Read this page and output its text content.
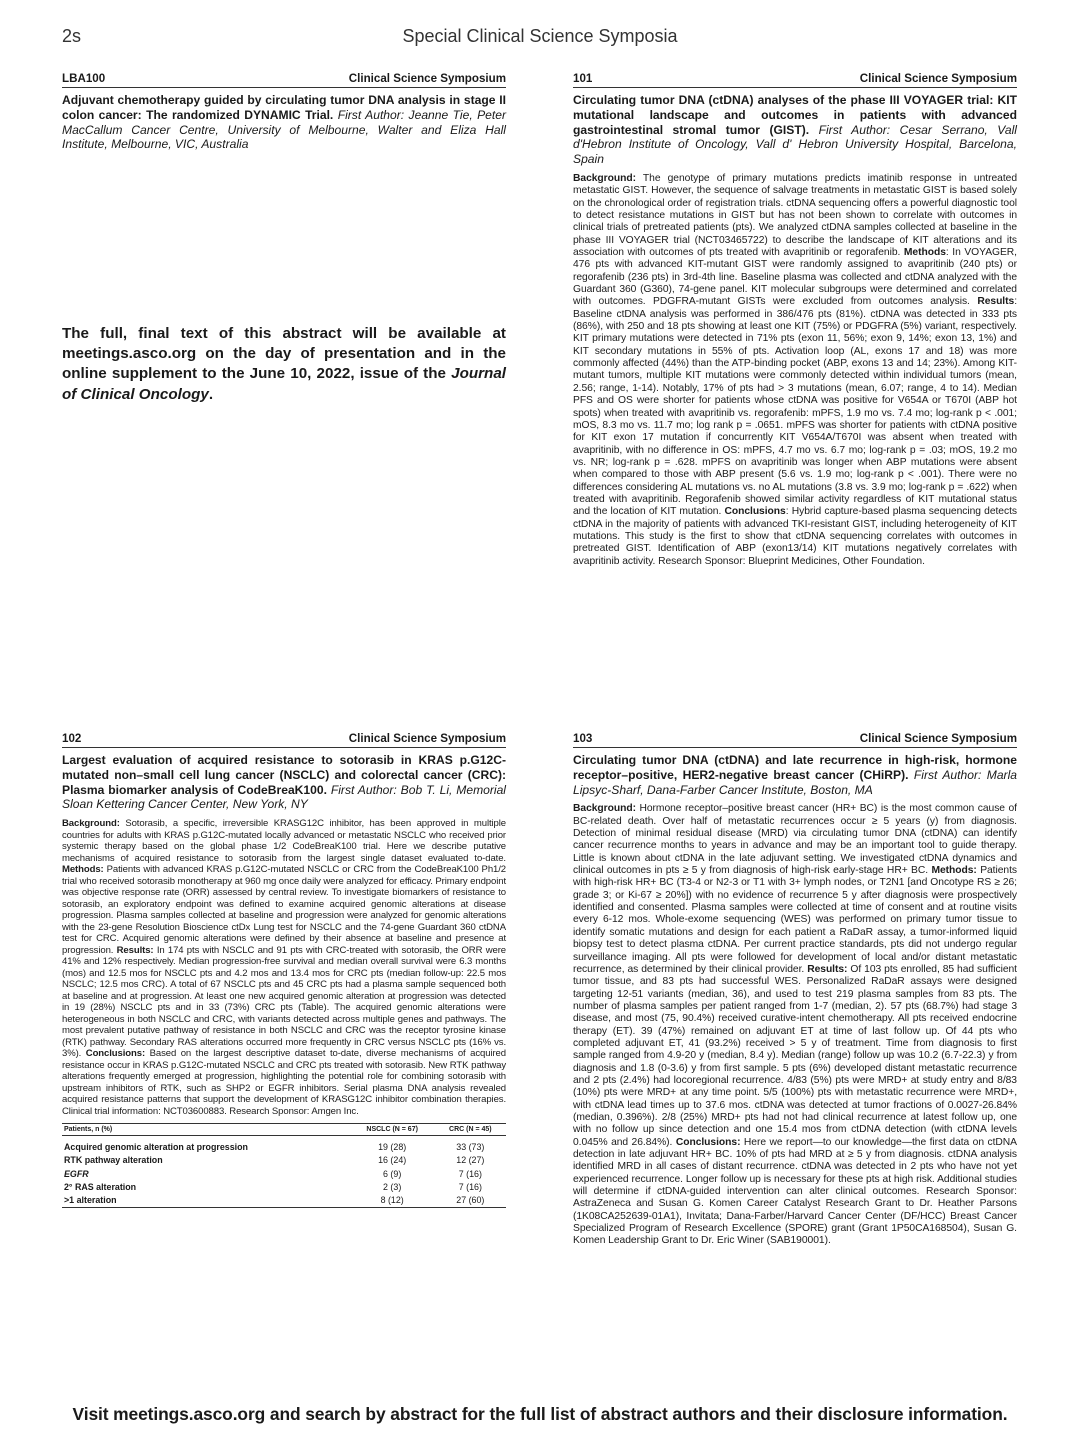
2s	Special Clinical Science Symposia
LBA100	Clinical Science Symposium

Adjuvant chemotherapy guided by circulating tumor DNA analysis in stage II colon cancer: The randomized DYNAMIC Trial. First Author: Jeanne Tie, Peter MacCallum Cancer Centre, University of Melbourne, Walter and Eliza Hall Institute, Melbourne, VIC, Australia

The full, final text of this abstract will be available at meetings.asco.org on the day of presentation and in the online supplement to the June 10, 2022, issue of the Journal of Clinical Oncology.
101	Clinical Science Symposium

Circulating tumor DNA (ctDNA) analyses of the phase III VOYAGER trial: KIT mutational landscape and outcomes in patients with advanced gastrointestinal stromal tumor (GIST). First Author: Cesar Serrano, Vall d'Hebron Institute of Oncology, Vall d' Hebron University Hospital, Barcelona, Spain

Background: The genotype of primary mutations predicts imatinib response in untreated metastatic GIST. However, the sequence of salvage treatments in metastatic GIST is based solely on the chronological order of registration trials. ctDNA sequencing offers a powerful diagnostic tool to detect resistance mutations in GIST but has not been shown to correlate with outcomes in clinical trials of pretreated patients (pts). We analyzed ctDNA samples collected at baseline in the phase III VOYAGER trial (NCT03465722) to describe the landscape of KIT alterations and its association with outcomes of pts treated with avapritinib or regorafenib. Methods: In VOYAGER, 476 pts with advanced KIT-mutant GIST were randomly assigned to avapritinib (240 pts) or regorafenib (236 pts) in 3rd-4th line. Baseline plasma was collected and ctDNA analyzed with the Guardant 360 (G360), 74-gene panel. KIT molecular subgroups were determined and correlated with outcomes. PDGFRA-mutant GISTs were excluded from outcomes analysis. Results: Baseline ctDNA analysis was performed in 386/476 pts (81%). ctDNA was detected in 333 pts (86%), with 250 and 18 pts showing at least one KIT (75%) or PDGFRA (5%) variant, respectively. KIT primary mutations were detected in 71% pts (exon 11, 56%; exon 9, 14%; exon 13, 1%) and KIT secondary mutations in 55% of pts. Activation loop (AL, exons 17 and 18) was more commonly affected (44%) than the ATP-binding pocket (ABP, exons 13 and 14; 23%). Among KIT-mutant tumors, multiple KIT mutations were commonly detected within individual tumors (mean, 2.56; range, 1-14). Notably, 17% of pts had > 3 mutations (mean, 6.07; range, 4 to 14). Median PFS and OS were shorter for patients whose ctDNA was positive for V654A or T670I (ABP hot spots) when treated with avapritinib vs. regorafenib: mPFS, 1.9 mo vs. 7.4 mo; log-rank p < .001; mOS, 8.3 mo vs. 11.7 mo; log rank p = .0651. mPFS was shorter for patients with ctDNA positive for KIT exon 17 mutation if concurrently KIT V654A/T670I was absent when treated with avapritinib, with no difference in OS: mPFS, 4.7 mo vs. 6.7 mo; log-rank p = .03; mOS, 19.2 mo vs. NR; log-rank p = .628. mPFS on avapritinib was longer when ABP mutations were absent when compared to those with ABP present (5.6 vs. 1.9 mo; log-rank p < .001). There were no differences considering AL mutations vs. no AL mutations (3.8 vs. 3.9 mo; log-rank p = .622) when treated with avapritinib. Regorafenib showed similar activity regardless of KIT mutational status and the location of KIT mutation. Conclusions: Hybrid capture-based plasma sequencing detects ctDNA in the majority of patients with advanced TKI-resistant GIST, including heterogeneity of KIT mutations. This study is the first to show that ctDNA sequencing correlates with outcomes in pretreated GIST. Identification of ABP (exon13/14) KIT mutations negatively correlates with avapritinib activity. Research Sponsor: Blueprint Medicines, Other Foundation.

102	Clinical Science Symposium

Largest evaluation of acquired resistance to sotorasib in KRAS p.G12C-mutated non–small cell lung cancer (NSCLC) and colorectal cancer (CRC): Plasma biomarker analysis of CodeBreaK100. First Author: Bob T. Li, Memorial Sloan Kettering Cancer Center, New York, NY

Background: Sotorasib, a specific, irreversible KRASG12C inhibitor, has been approved in multiple countries for adults with KRAS p.G12C-mutated locally advanced or metastatic NSCLC who received prior systemic therapy based on the global phase 1/2 CodeBreaK100 trial. Here we describe putative mechanisms of acquired resistance to sotorasib from the largest single dataset evaluated to-date. Methods: Patients with advanced KRAS p.G12C-mutated NSCLC or CRC from the CodeBreaK100 Ph1/2 trial who received sotorasib monotherapy at 960 mg once daily were analyzed for efficacy. Primary endpoint was objective response rate (ORR) assessed by central review. To investigate biomarkers of resistance to sotorasib, an exploratory endpoint was defined to examine acquired genomic alterations at disease progression. Plasma samples collected at baseline and progression were analyzed for genomic alterations with the 23-gene Resolution Bioscience ctDx Lung test for NSCLC and the 74-gene Guardant 360 ctDNA test for CRC. Acquired genomic alterations were defined by their absence at baseline and presence at progression. Results: In 174 pts with NSCLC and 91 pts with CRC-treated with sotorasib, the ORR were 41% and 12% respectively. Median progression-free survival and median overall survival were 6.3 months (mos) and 12.5 mos for NSCLC pts and 4.2 mos and 13.4 mos for CRC pts (median follow-up: 22.5 mos NSCLC; 12.5 mos CRC). A total of 67 NSCLC pts and 45 CRC pts had a plasma sample sequenced both at baseline and at progression. At least one new acquired genomic alteration at progression was detected in 19 (28%) NSCLC pts and in 33 (73%) CRC pts (Table). The acquired genomic alterations were heterogeneous in both NSCLC and CRC, with variants detected across multiple genes and pathways. The most prevalent putative pathway of resistance in both NSCLC and CRC was the receptor tyrosine kinase (RTK) pathway. Secondary RAS alterations occurred more frequently in CRC versus NSCLC pts (16% vs. 3%). Conclusions: Based on the largest descriptive dataset to-date, diverse mechanisms of acquired resistance occur in KRAS p.G12C-mutated NSCLC and CRC pts treated with sotorasib. New RTK pathway alterations frequently emerged at progression, highlighting the potential role for combining sotorasib with upstream inhibitors of RTK, such as SHP2 or EGFR inhibitors. Serial plasma DNA analysis revealed acquired resistance patterns that support the development of KRASG12C inhibitor combination therapies. Clinical trial information: NCT03600883. Research Sponsor: Amgen Inc.

Patients, n (%)	NSCLC (N = 67)	CRC (N = 45)
Acquired genomic alteration at progression	19 (28)	33 (73)
RTK pathway alteration	16 (24)	12 (27)
EGFR	6 (9)	7 (16)
2° RAS alteration	2 (3)	7 (16)
>1 alteration	8 (12)	27 (60)
103	Clinical Science Symposium

Circulating tumor DNA (ctDNA) and late recurrence in high-risk, hormone receptor–positive, HER2-negative breast cancer (CHiRP). First Author: Marla Lipsyc-Sharf, Dana-Farber Cancer Institute, Boston, MA

Background: Hormone receptor–positive breast cancer (HR+ BC) is the most common cause of BC-related death. Over half of metastatic recurrences occur ≥ 5 years (y) from diagnosis. Detection of minimal residual disease (MRD) via circulating tumor DNA (ctDNA) can identify cancer recurrence months to years in advance and may be an important tool to guide therapy. Little is known about ctDNA in the late adjuvant setting. We investigated ctDNA dynamics and clinical outcomes in pts ≥ 5 y from diagnosis of high-risk early-stage HR+ BC. Methods: Patients with high-risk HR+ BC (T3-4 or N2-3 or T1 with 3+ lymph nodes, or T2N1 [and Oncotype RS ≥ 26; grade 3; or Ki-67 ≥ 20%]) with no evidence of recurrence 5 y after diagnosis were prospectively identified and consented. Plasma samples were collected at time of consent and at routine visits every 6-12 mos. Whole-exome sequencing (WES) was performed on primary tumor tissue to identify somatic mutations and design for each patient a RaDaR assay, a tumor-informed liquid biopsy test to detect plasma ctDNA. Per current practice standards, pts did not undergo regular surveillance imaging. All pts were followed for development of local and/or distant metastatic recurrence, as determined by their clinical provider. Results: Of 103 pts enrolled, 85 had sufficient tumor tissue, and 83 pts had successful WES. Personalized RaDaR assays were designed targeting 12-51 variants (median, 36), and used to test 219 plasma samples from 83 pts. The number of plasma samples per patient ranged from 1-7 (median, 2). 57 pts (68.7%) had stage 3 disease, and most (75, 90.4%) received curative-intent chemotherapy. All pts received endocrine therapy (ET). 39 (47%) remained on adjuvant ET at time of last follow up. Of 44 pts who completed adjuvant ET, 41 (93.2%) received > 5 y of treatment. Time from diagnosis to first sample ranged from 4.9-20 y (median, 8.4 y). Median (range) follow up was 10.2 (6.7-22.3) y from diagnosis and 1.8 (0-3.6) y from first sample. 5 pts (6%) developed distant metastatic recurrence and 2 pts (2.4%) had locoregional recurrence. 4/83 (5%) pts were MRD+ at study entry and 8/83 (10%) pts were MRD+ at any time point. 5/5 (100%) pts with metastatic recurrence were MRD+, with ctDNA lead times up to 37.6 mos. ctDNA was detected at tumor fractions of 0.0027-26.84% (median, 0.396%). 2/8 (25%) MRD+ pts had not had clinical recurrence at latest follow up, one with no follow up since detection and one 15.4 mos from ctDNA detection (with ctDNA levels 0.045% and 26.84%). Conclusions: Here we report—to our knowledge—the first data on ctDNA detection in late adjuvant HR+ BC. 10% of pts had MRD at ≥ 5 y from diagnosis. ctDNA analysis identified MRD in all cases of distant recurrence. ctDNA was detected in 2 pts who have not yet experienced recurrence. Longer follow up is necessary for these pts at high risk. Additional studies will determine if ctDNA-guided intervention can alter clinical outcomes. Research Sponsor: AstraZeneca and Susan G. Komen Career Catalyst Research Grant to Dr. Heather Parsons (1K08CA252639-01A1), Invitata; Dana-Farber/Harvard Cancer Center (DF/HCC) Breast Cancer Specialized Program of Research Excellence (SPORE) grant (Grant 1P50CA168504), Susan G. Komen Leadership Grant to Dr. Eric Winer (SAB190001).

Visit meetings.asco.org and search by abstract for the full list of abstract authors and their disclosure information.
